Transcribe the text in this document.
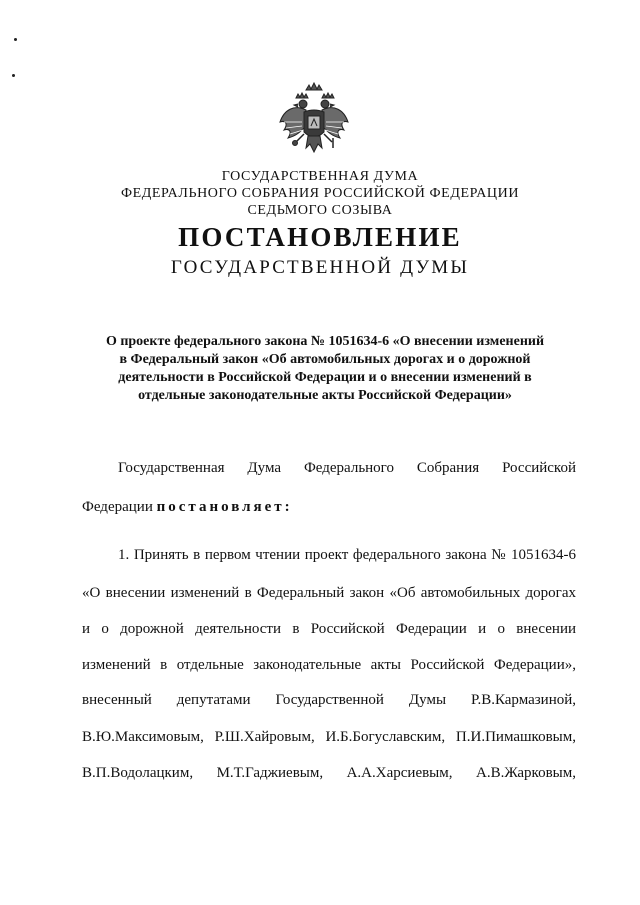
ГОСУДАРСТВЕННАЯ ДУМА
ФЕДЕРАЛЬНОГО СОБРАНИЯ РОССИЙСКОЙ ФЕДЕРАЦИИ
СЕДЬМОГО СОЗЫВА
ПОСТАНОВЛЕНИЕ
ГОСУДАРСТВЕННОЙ ДУМЫ
О проекте федерального закона № 1051634-6 «О внесении изменений
в Федеральный закон «Об автомобильных дорогах и о дорожной
деятельности в Российской Федерации и о внесении изменений в
отдельные законодательные акты Российской Федерации»
Государственная Дума Федерального Собрания Российской
Федерации постановляет:
1. Принять в первом чтении проект федерального закона № 1051634-6
«О внесении изменений в Федеральный закон «Об автомобильных дорогах
и о дорожной деятельности в Российской Федерации и о внесении
изменений в отдельные законодательные акты Российской Федерации»,
внесенный депутатами Государственной Думы Р.В.Кармазиной,
В.Ю.Максимовым, Р.Ш.Хайровым, И.Б.Богуславским, П.И.Пимашковым,
В.П.Водолацким, М.Т.Гаджиевым, А.А.Харсиевым, А.В.Жарковым,
